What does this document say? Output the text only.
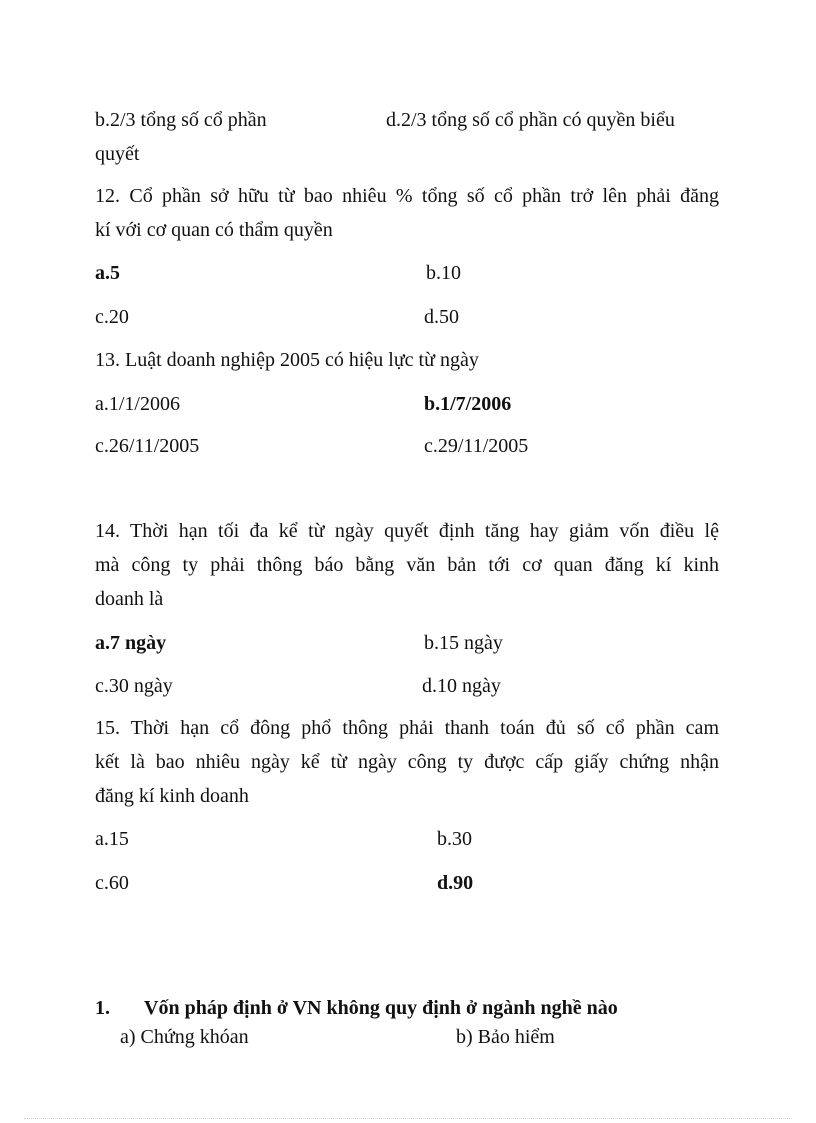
b.2/3 tổng số cổ phần	d.2/3 tổng số cổ phần có quyền biểu
quyết
12. Cổ phần sở hữu từ bao nhiêu % tổng số cổ phần trở lên phải đăng
kí với cơ quan có thẩm quyền
a.5	b.10
c.20	d.50
13. Luật doanh nghiệp 2005 có hiệu lực từ ngày
a.1/1/2006	b.1/7/2006
c.26/11/2005	c.29/11/2005
14. Thời hạn tối đa kể từ ngày quyết định tăng hay giảm vốn điều lệ
mà công ty phải thông báo bằng văn bản tới cơ quan đăng kí kinh
doanh là
a.7 ngày	b.15 ngày
c.30 ngày	d.10 ngày
15. Thời hạn cổ đông phổ thông phải thanh toán đủ số cổ phần cam
kết là bao nhiêu ngày kể từ ngày công ty được cấp giấy chứng nhận
đăng kí kinh doanh
a.15	b.30
c.60	d.90
1. Vốn pháp định ở VN không quy định ở ngành nghề nào
a) Chứng khóan	b) Bảo hiểm
